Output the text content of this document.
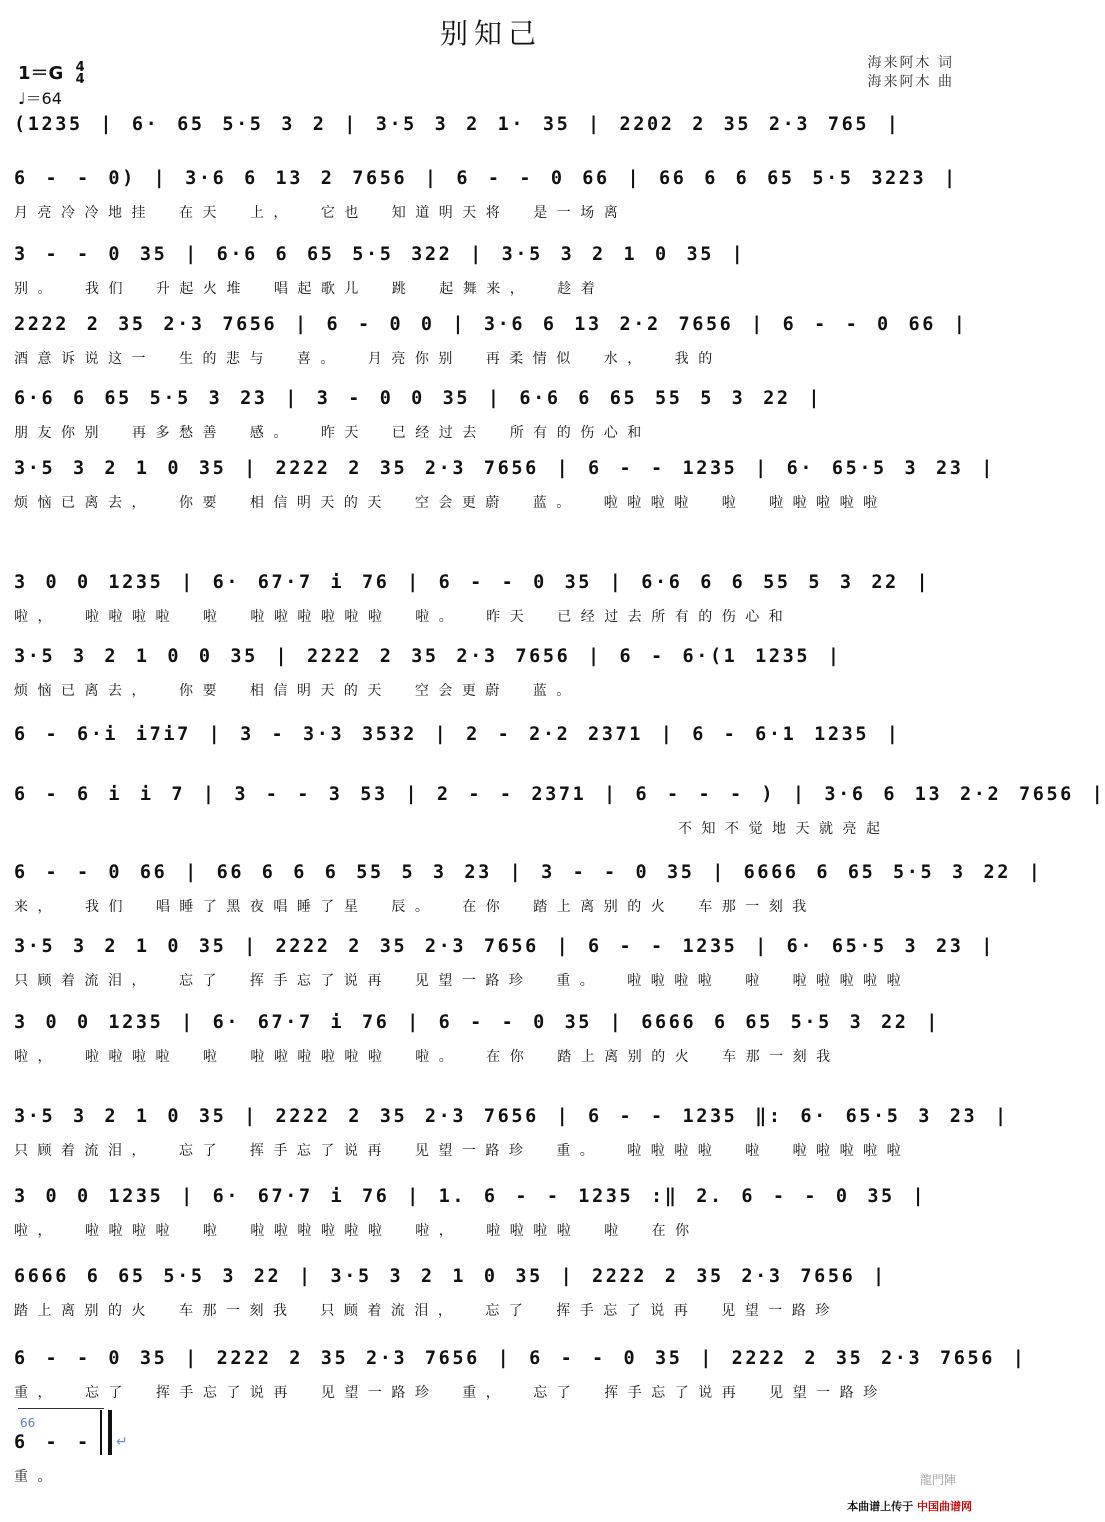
别知己
1＝G 4
4
♩＝64
海来阿木 词
海来阿木 曲
(1235 | 6· 65 5·5 3 2 | 3·5 3 2 1· 35 | 2202 2 35 2·3 765 |
6 - - 0) | 3·6 6 13 2 7656 | 6 - - 0 66 | 66 6 6 65 5·5 3223 |
月亮冷冷地挂 在天 上， 它也 知道明天将 是一场离
3 - - 0 35 | 6·6 6 65 5·5 322 | 3·5 3 2 1 0 35 |
别。 我们 升起火堆 唱起歌儿 跳 起舞来， 趁着
2222 2 35 2·3 7656 | 6 - 0 0 | 3·6 6 13 2·2 7656 | 6 - - 0 66 |
酒意诉说这一 生的悲与 喜。 月亮你别 再柔情似 水， 我的
6·6 6 65 5·5 3 23 | 3 - 0 0 35 | 6·6 6 65 55 5 3 22 |
朋友你别 再多愁善 感。 昨天 已经过去 所有的伤心和
3·5 3 2 1 0 35 | 2222 2 35 2·3 7656 | 6 - - 1235 | 6· 65·5 3 23 |
烦恼已离去， 你要 相信明天的天 空会更蔚 蓝。 啦啦啦啦 啦 啦啦啦啦啦
3 0 0 1235 | 6· 67·7 i 76 | 6 - - 0 35 | 6·6 6 6 55 5 3 22 |
啦， 啦啦啦啦 啦 啦啦啦啦啦啦 啦。 昨天 已经过去所有的伤心和
3·5 3 2 1 0 0 35 | 2222 2 35 2·3 7656 | 6 - 6·(1 1235 |
烦恼已离去， 你要 相信明天的天 空会更蔚 蓝。
6 - 6·i i7i7 | 3 - 3·3 3532 | 2 - 2·2 2371 | 6 - 6·1 1235 |
6 - 6 i i 7 | 3 - - 3 53 | 2 - - 2371 | 6 - - - ) | 3·6 6 13 2·2 7656 |
不知不觉地天就亮起
6 - - 0 66 | 66 6 6 6 55 5 3 23 | 3 - - 0 35 | 6666 6 65 5·5 3 22 |
来， 我们 唱睡了黑夜唱睡了星 辰。 在你 踏上离别的火 车那一刻我
3·5 3 2 1 0 35 | 2222 2 35 2·3 7656 | 6 - - 1235 | 6· 65·5 3 23 |
只顾着流泪， 忘了 挥手忘了说再 见望一路珍 重。 啦啦啦啦 啦 啦啦啦啦啦
3 0 0 1235 | 6· 67·7 i 76 | 6 - - 0 35 | 6666 6 65 5·5 3 22 |
啦， 啦啦啦啦 啦 啦啦啦啦啦啦 啦。 在你 踏上离别的火 车那一刻我
3·5 3 2 1 0 35 | 2222 2 35 2·3 7656 | 6 - - 1235 ‖: 6· 65·5 3 23 |
只顾着流泪， 忘了 挥手忘了说再 见望一路珍 重。 啦啦啦啦 啦 啦啦啦啦啦
3 0 0 1235 | 6· 67·7 i 76 | 1. 6 - - 1235 :‖ 2. 6 - - 0 35 |
啦， 啦啦啦啦 啦 啦啦啦啦啦啦 啦， 啦啦啦啦 啦 在你
6666 6 65 5·5 3 22 | 3·5 3 2 1 0 35 | 2222 2 35 2·3 7656 |
踏上离别的火 车那一刻我 只顾着流泪， 忘了 挥手忘了说再 见望一路珍
6 - - 0 35 | 2222 2 35 2·3 7656 | 6 - - 0 35 | 2222 2 35 2·3 7656 |
重， 忘了 挥手忘了说再 见望一路珍 重， 忘了 挥手忘了说再 见望一路珍
66
6 - -
重。
↵
龍門陣
本曲谱上传于 中国曲谱网
